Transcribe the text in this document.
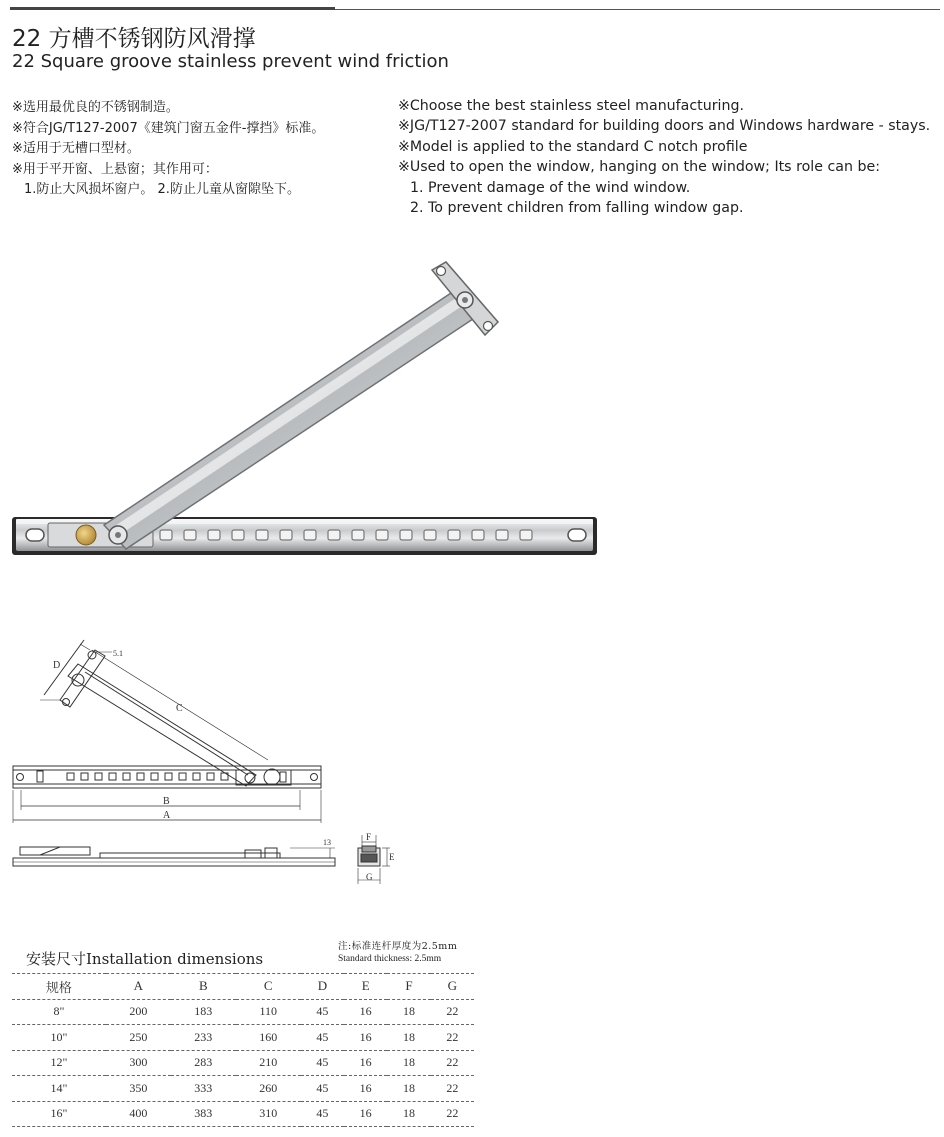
22 方槽不锈钢防风滑撑
22 Square groove stainless prevent wind friction
※选用最优良的不锈钢制造。
※符合JG/T127-2007《建筑门窗五金件-撑挡》标准。
※适用于无槽口型材。
※用于平开窗、上悬窗；其作用可：
1.防止大风损坏窗户。 2.防止儿童从窗隙坠下。
※Choose the best stainless steel manufacturing.
※JG/T127-2007 standard for building doors and Windows hardware - stays.
※Model is applied to the standard C notch profile
※Used to open the window, hanging on the window; Its role can be:
1. Prevent damage of the wind window.
2. To prevent children from falling window gap.
D
C
5.1
B
A
13
F
E
G
安装尺寸Installation dimensions
注:标准连杆厚度为2.5mm
Standard thickness: 2.5mm
规格	A	B	C	D	E	F	G
8"	200	183	110	45	16	18	22
10"	250	233	160	45	16	18	22
12"	300	283	210	45	16	18	22
14"	350	333	260	45	16	18	22
16"	400	383	310	45	16	18	22
